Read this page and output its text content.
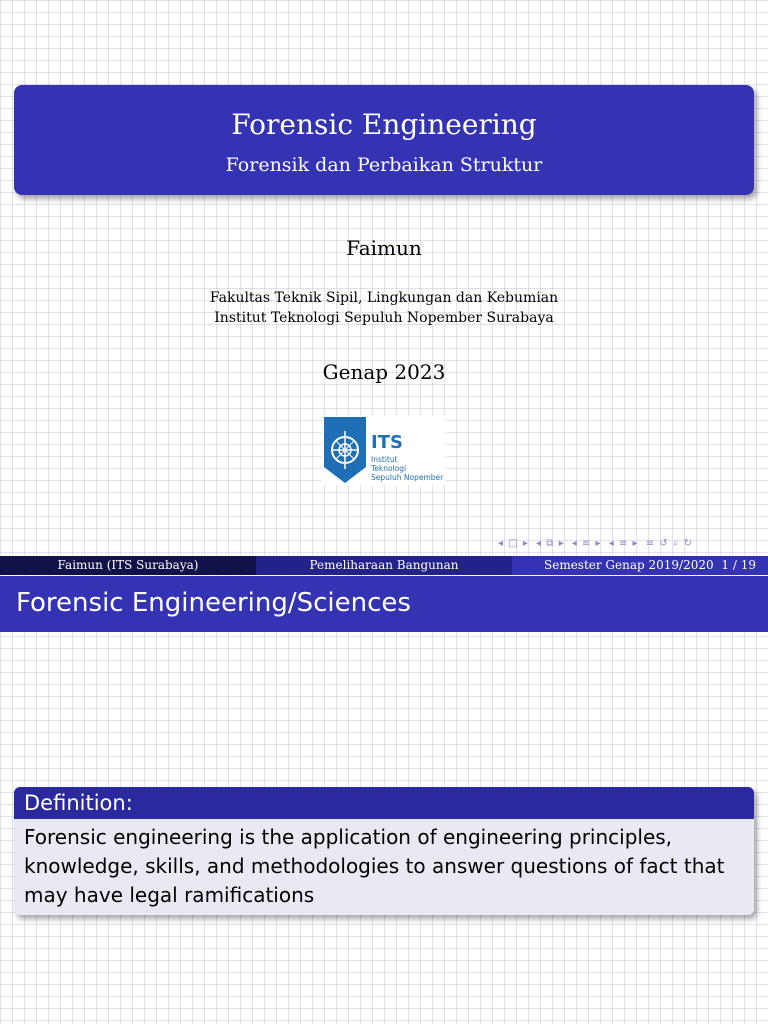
Forensic Engineering
Forensik dan Perbaikan Struktur
Faimun
Fakultas Teknik Sipil, Lingkungan dan Kebumian
Institut Teknologi Sepuluh Nopember Surabaya
Genap 2023
ITS
Institut
Teknologi
Sepuluh Nopember
◂ □ ▸ ◂ ⧉ ▸ ◂ ≡ ▸ ◂ ≡ ▸ ≡ ↺ ⌕ ↻
Faimun (ITS Surabaya)	Pemeliharaan Bangunan	Semester Genap 2019/2020 1 / 19
Forensic Engineering/Sciences
Definition:
Forensic engineering is the application of engineering principles, knowledge, skills, and methodologies to answer questions of fact that may have legal ramifications
